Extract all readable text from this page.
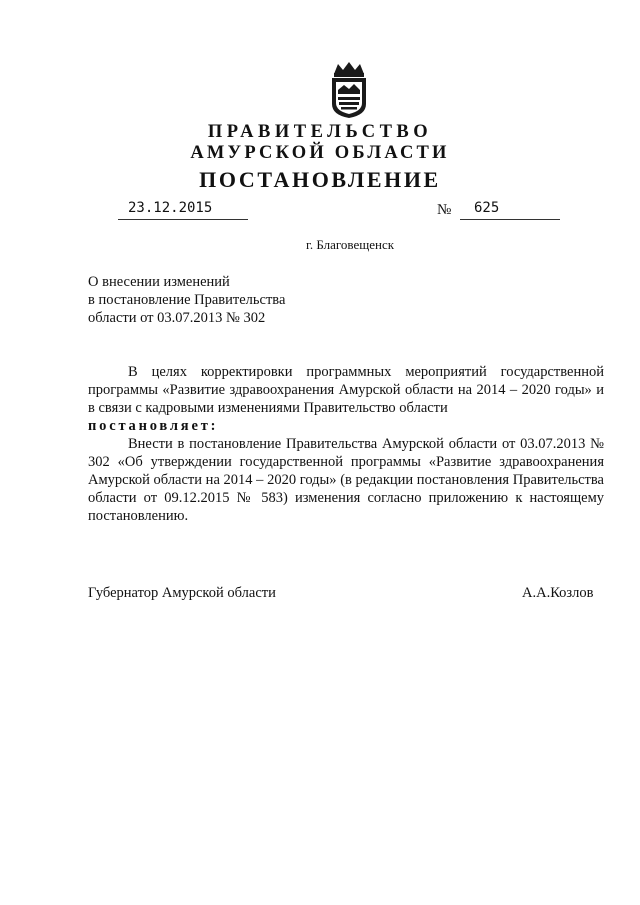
ПРАВИТЕЛЬСТВО
АМУРСКОЙ ОБЛАСТИ
ПОСТАНОВЛЕНИЕ
23.12.2015	№ 625
г. Благовещенск
О внесении изменений
в постановление Правительства
области от 03.07.2013 № 302

В целях корректировки программных мероприятий государственной программы «Развитие здравоохранения Амурской области на 2014 – 2020 годы» и в связи с кадровыми изменениями Правительство области

постановляет:

Внести в постановление Правительства Амурской области от 03.07.2013 № 302 «Об утверждении государственной программы «Развитие здравоохранения Амурской области на 2014 – 2020 годы» (в редакции постановления Правительства области от 09.12.2015 № 583) изменения согласно приложению к настоящему постановлению.

Губернатор Амурской области	А.А.Козлов
